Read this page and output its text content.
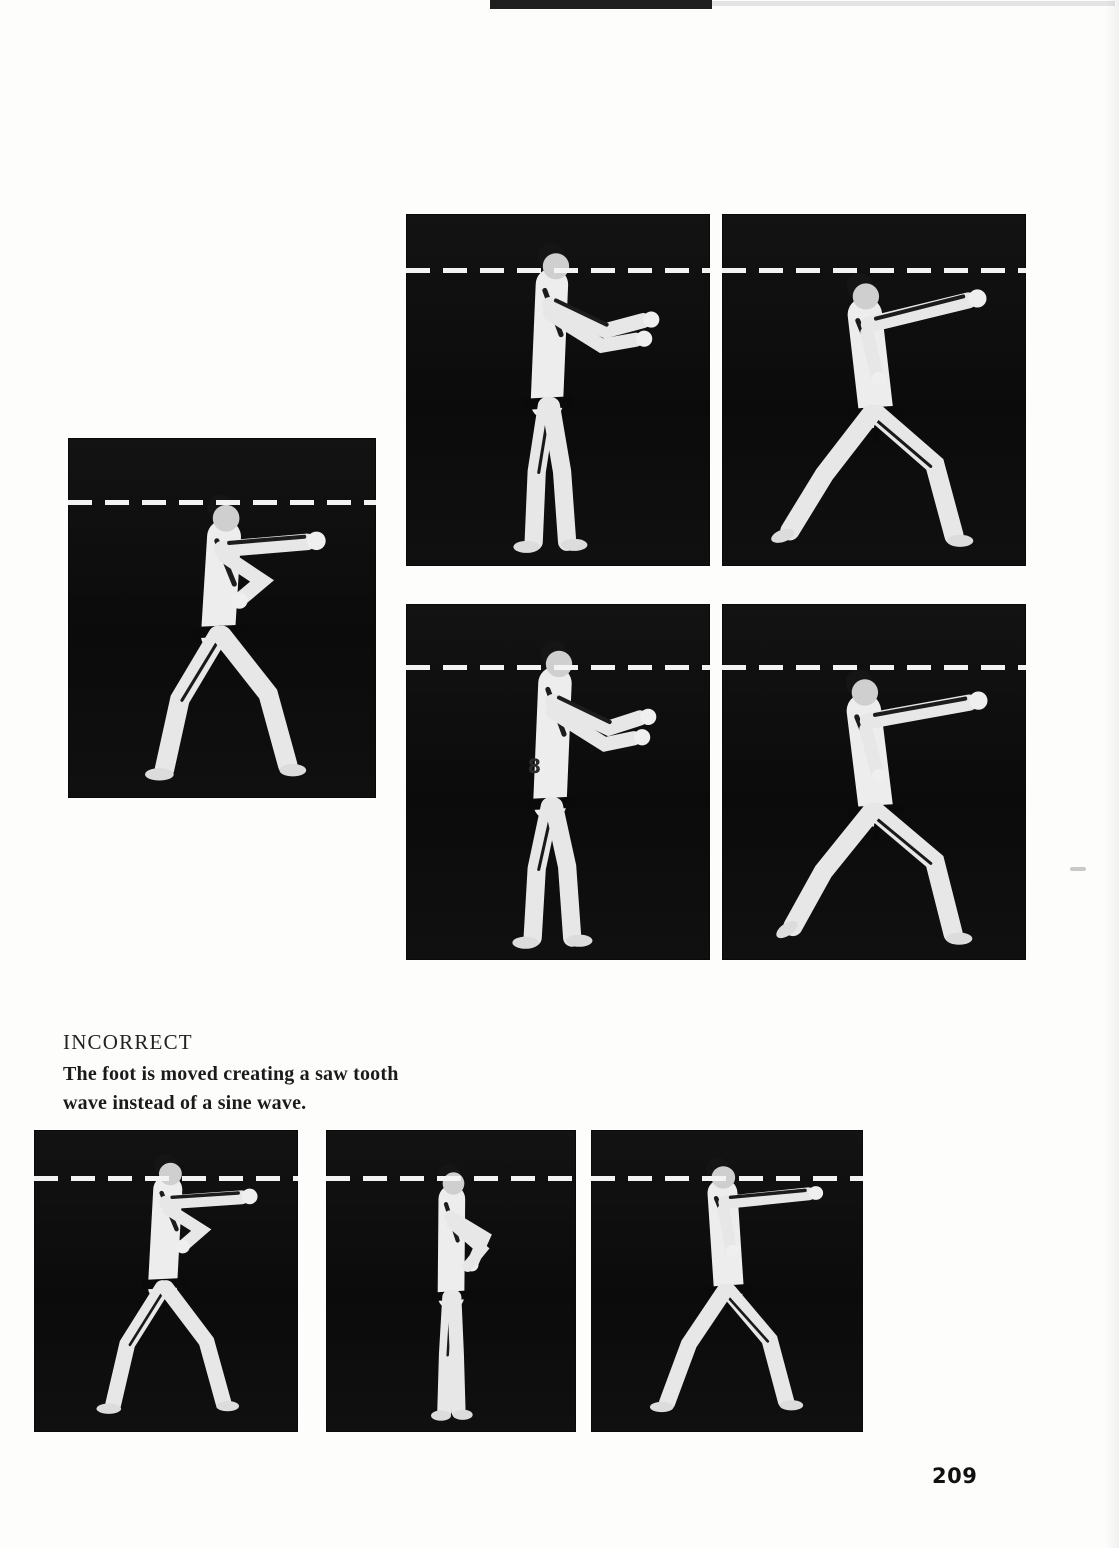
8
INCORRECT

The foot is moved creating a saw tooth
wave instead of a sine wave.

209
